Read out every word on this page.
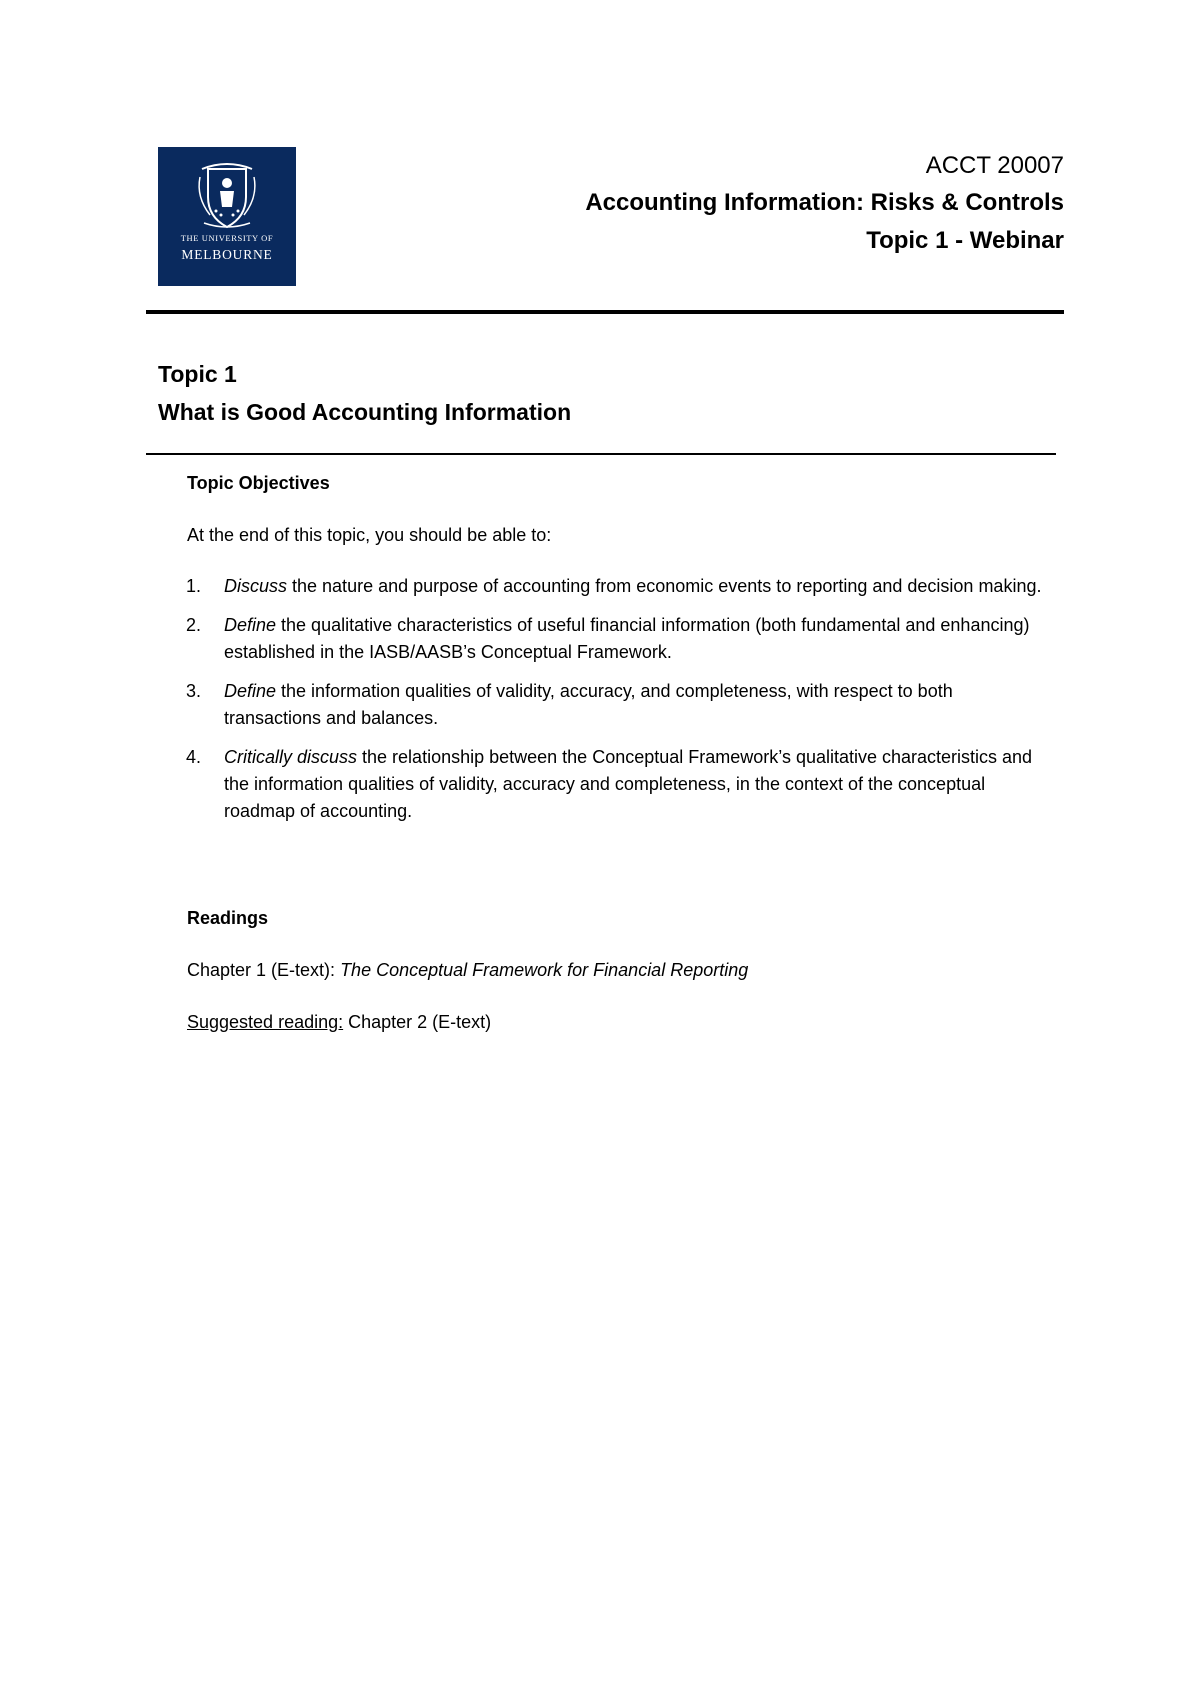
THE UNIVERSITY OF
MELBOURNE
ACCT 20007
Accounting Information: Risks & Controls
Topic 1 - Webinar
Topic 1
What is Good Accounting Information
Topic Objectives
At the end of this topic, you should be able to:
1. Discuss the nature and purpose of accounting from economic events to reporting and decision making.
2. Define the qualitative characteristics of useful financial information (both fundamental and enhancing) established in the IASB/AASB’s Conceptual Framework.
3. Define the information qualities of validity, accuracy, and completeness, with respect to both transactions and balances.
4. Critically discuss the relationship between the Conceptual Framework’s qualitative characteristics and the information qualities of validity, accuracy and completeness, in the context of the conceptual roadmap of accounting.
Readings
Chapter 1 (E-text): The Conceptual Framework for Financial Reporting
Suggested reading: Chapter 2 (E-text)
